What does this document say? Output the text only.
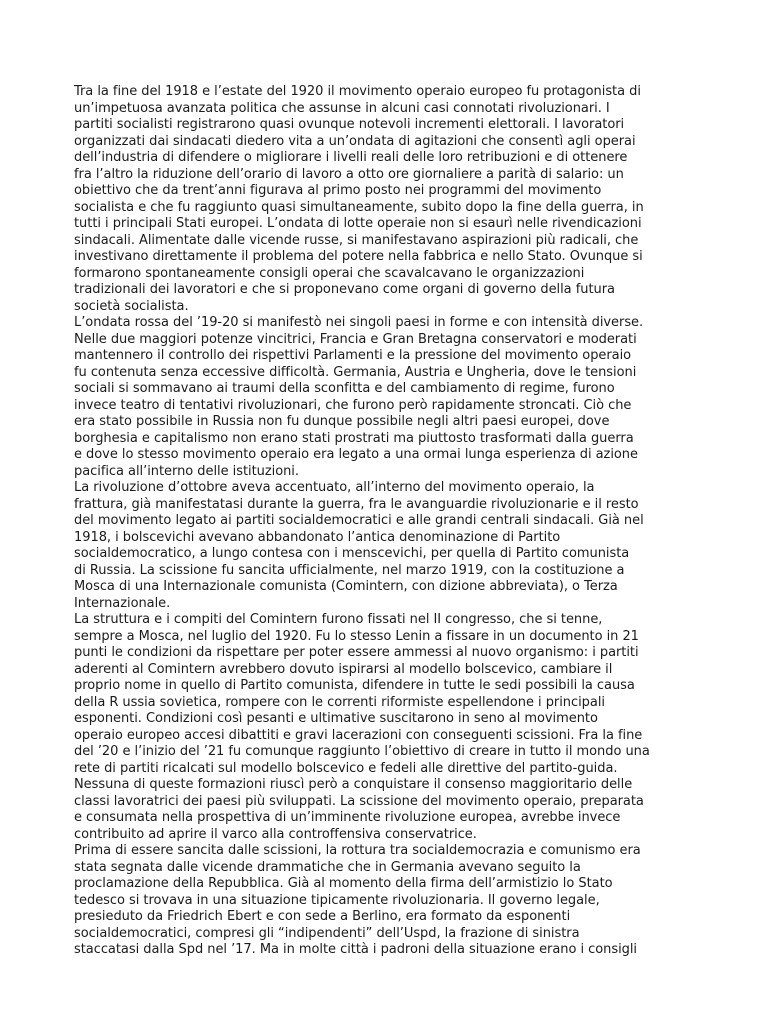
Tra la fine del 1918 e l’estate del 1920 il movimento operaio europeo fu protagonista di
un’impetuosa avanzata politica che assunse in alcuni casi connotati rivoluzionari. I
partiti socialisti registrarono quasi ovunque notevoli incrementi elettorali. I lavoratori
organizzati dai sindacati diedero vita a un’ondata di agitazioni che consentì agli operai
dell’industria di difendere o migliorare i livelli reali delle loro retribuzioni e di ottenere
fra l’altro la riduzione dell’orario di lavoro a otto ore giornaliere a parità di salario: un
obiettivo che da trent’anni figurava al primo posto nei programmi del movimento
socialista e che fu raggiunto quasi simultaneamente, subito dopo la fine della guerra, in
tutti i principali Stati europei. L’ondata di lotte operaie non si esaurì nelle rivendicazioni
sindacali. Alimentate dalle vicende russe, si manifestavano aspirazioni più radicali, che
investivano direttamente il problema del potere nella fabbrica e nello Stato. Ovunque si
formarono spontaneamente consigli operai che scavalcavano le organizzazioni
tradizionali dei lavoratori e che si proponevano come organi di governo della futura
società socialista.
L’ondata rossa del ’19-20 si manifestò nei singoli paesi in forme e con intensità diverse.
Nelle due maggiori potenze vincitrici, Francia e Gran Bretagna conservatori e moderati
mantennero il controllo dei rispettivi Parlamenti e la pressione del movimento operaio
fu contenuta senza eccessive difficoltà. Germania, Austria e Ungheria, dove le tensioni
sociali si sommavano ai traumi della sconfitta e del cambiamento di regime, furono
invece teatro di tentativi rivoluzionari, che furono però rapidamente stroncati. Ciò che
era stato possibile in Russia non fu dunque possibile negli altri paesi europei, dove
borghesia e capitalismo non erano stati prostrati ma piuttosto trasformati dalla guerra
e dove lo stesso movimento operaio era legato a una ormai lunga esperienza di azione
pacifica all’interno delle istituzioni.
La rivoluzione d’ottobre aveva accentuato, all’interno del movimento operaio, la
frattura, già manifestatasi durante la guerra, fra le avanguardie rivoluzionarie e il resto
del movimento legato ai partiti socialdemocratici e alle grandi centrali sindacali. Già nel
1918, i bolscevichi avevano abbandonato l’antica denominazione di Partito
socialdemocratico, a lungo contesa con i menscevichi, per quella di Partito comunista
di Russia. La scissione fu sancita ufficialmente, nel marzo 1919, con la costituzione a
Mosca di una Internazionale comunista (Comintern, con dizione abbreviata), o Terza
Internazionale.
La struttura e i compiti del Comintern furono fissati nel II congresso, che si tenne,
sempre a Mosca, nel luglio del 1920. Fu lo stesso Lenin a fissare in un documento in 21
punti le condizioni da rispettare per poter essere ammessi al nuovo organismo: i partiti
aderenti al Comintern avrebbero dovuto ispirarsi al modello bolscevico, cambiare il
proprio nome in quello di Partito comunista, difendere in tutte le sedi possibili la causa
della R ussia sovietica, rompere con le correnti riformiste espellendone i principali
esponenti. Condizioni così pesanti e ultimative suscitarono in seno al movimento
operaio europeo accesi dibattiti e gravi lacerazioni con conseguenti scissioni. Fra la fine
del ’20 e l’inizio del ’21 fu comunque raggiunto l’obiettivo di creare in tutto il mondo una
rete di partiti ricalcati sul modello bolscevico e fedeli alle direttive del partito-guida.
Nessuna di queste formazioni riuscì però a conquistare il consenso maggioritario delle
classi lavoratrici dei paesi più sviluppati. La scissione del movimento operaio, preparata
e consumata nella prospettiva di un’imminente rivoluzione europea, avrebbe invece
contribuito ad aprire il varco alla controffensiva conservatrice.
Prima di essere sancita dalle scissioni, la rottura tra socialdemocrazia e comunismo era
stata segnata dalle vicende drammatiche che in Germania avevano seguito la
proclamazione della Repubblica. Già al momento della firma dell’armistizio lo Stato
tedesco si trovava in una situazione tipicamente rivoluzionaria. Il governo legale,
presieduto da Friedrich Ebert e con sede a Berlino, era formato da esponenti
socialdemocratici, compresi gli “indipendenti” dell’Uspd, la frazione di sinistra
staccatasi dalla Spd nel ’17. Ma in molte città i padroni della situazione erano i consigli
